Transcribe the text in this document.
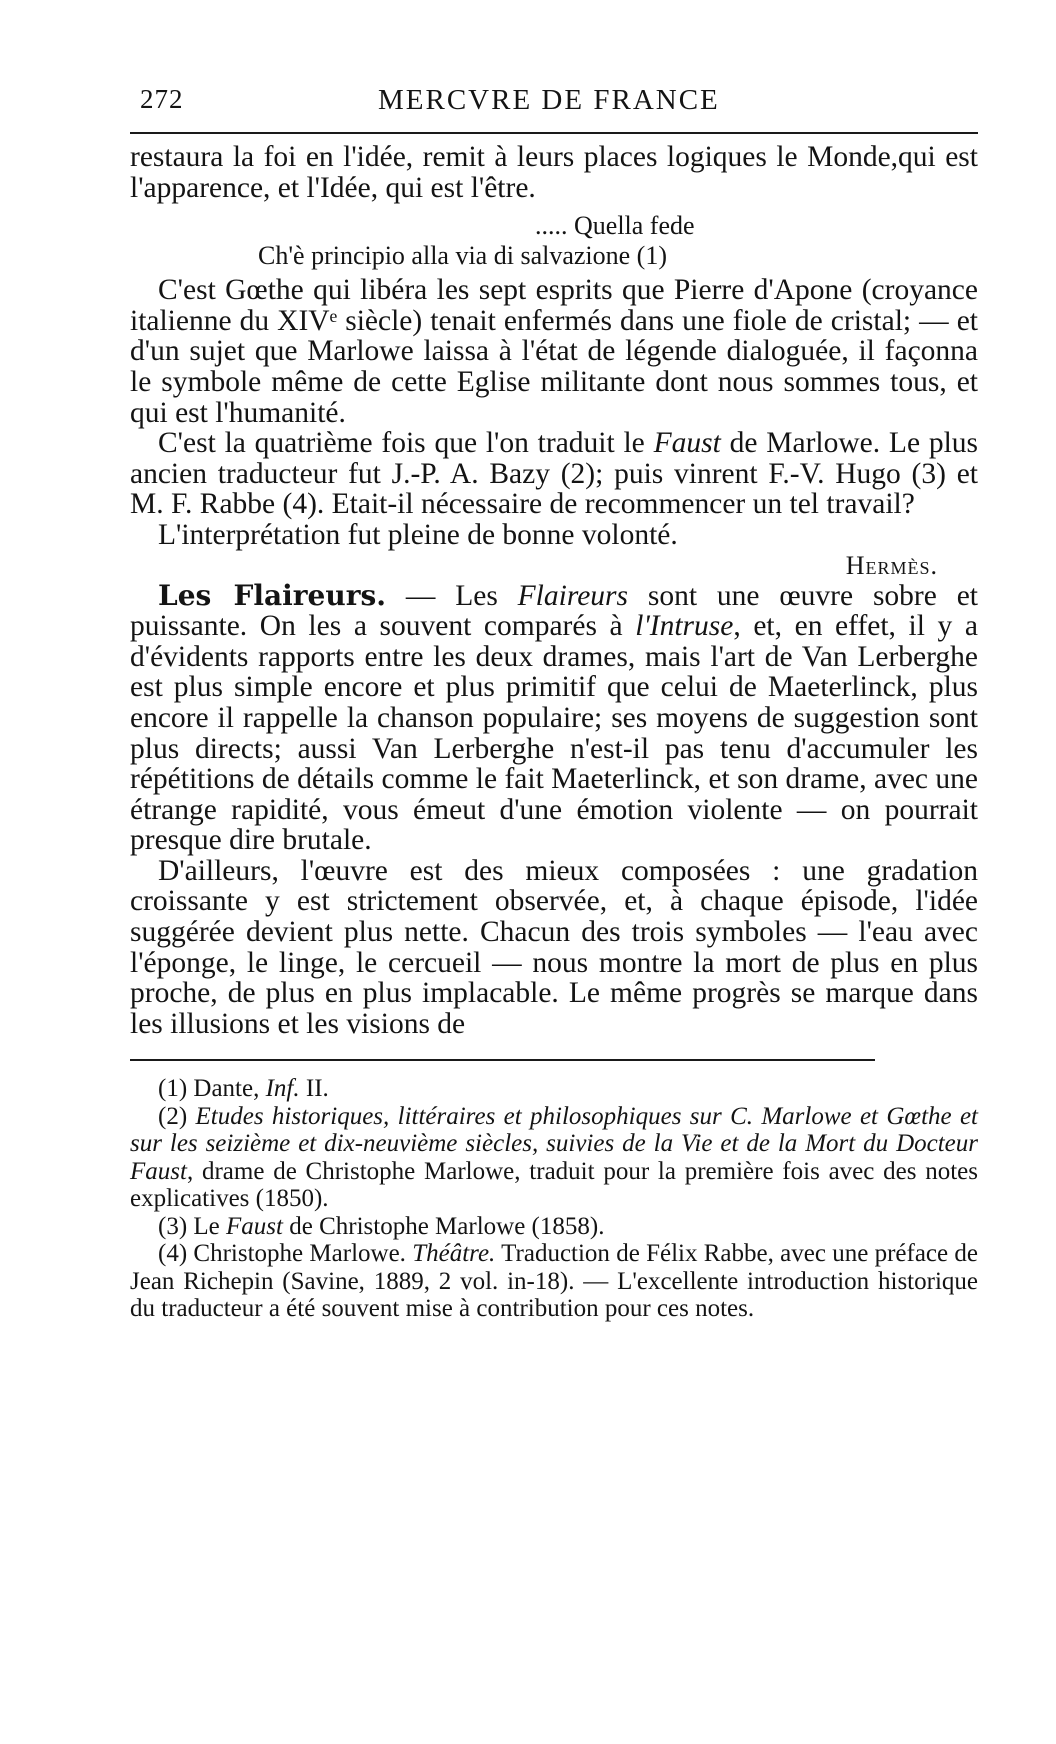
272	MERCVRE DE FRANCE

restaura la foi en l'idée, remit à leurs places logiques le Monde,qui est l'apparence, et l'Idée, qui est l'être.

..... Quella fede
Ch'è principio alla via di salvazione (1)

C'est Gœthe qui libéra les sept esprits que Pierre d'Apone (croyance italienne du XIVᵉ siècle) tenait enfermés dans une fiole de cristal; — et d'un sujet que Marlowe laissa à l'état de légende dialoguée, il façonna le symbole même de cette Eglise militante dont nous sommes tous, et qui est l'humanité.

C'est la quatrième fois que l'on traduit le Faust de Marlowe. Le plus ancien traducteur fut J.-P. A. Bazy (2); puis vinrent F.-V. Hugo (3) et M. F. Rabbe (4). Etait-il nécessaire de recommencer un tel travail?

L'interprétation fut pleine de bonne volonté.

Hermès.

Les Flaireurs. — Les Flaireurs sont une œuvre sobre et puissante. On les a souvent comparés à l'Intruse, et, en effet, il y a d'évidents rapports entre les deux drames, mais l'art de Van Lerberghe est plus simple encore et plus primitif que celui de Maeterlinck, plus encore il rappelle la chanson populaire; ses moyens de suggestion sont plus directs; aussi Van Lerberghe n'est-il pas tenu d'accumuler les répétitions de détails comme le fait Maeterlinck, et son drame, avec une étrange rapidité, vous émeut d'une émotion violente — on pourrait presque dire brutale.

D'ailleurs, l'œuvre est des mieux composées : une gradation croissante y est strictement observée, et, à chaque épisode, l'idée suggérée devient plus nette. Chacun des trois symboles — l'eau avec l'éponge, le linge, le cercueil — nous montre la mort de plus en plus proche, de plus en plus implacable. Le même progrès se marque dans les illusions et les visions de

(1) Dante, Inf. II.

(2) Etudes historiques, littéraires et philosophiques sur C. Marlowe et Gœthe et sur les seizième et dix-neuvième siècles, suivies de la Vie et de la Mort du Docteur Faust, drame de Christophe Marlowe, traduit pour la première fois avec des notes explicatives (1850).

(3) Le Faust de Christophe Marlowe (1858).

(4) Christophe Marlowe. Théâtre. Traduction de Félix Rabbe, avec une préface de Jean Richepin (Savine, 1889, 2 vol. in-18). — L'excellente introduction historique du traducteur a été souvent mise à contribution pour ces notes.
